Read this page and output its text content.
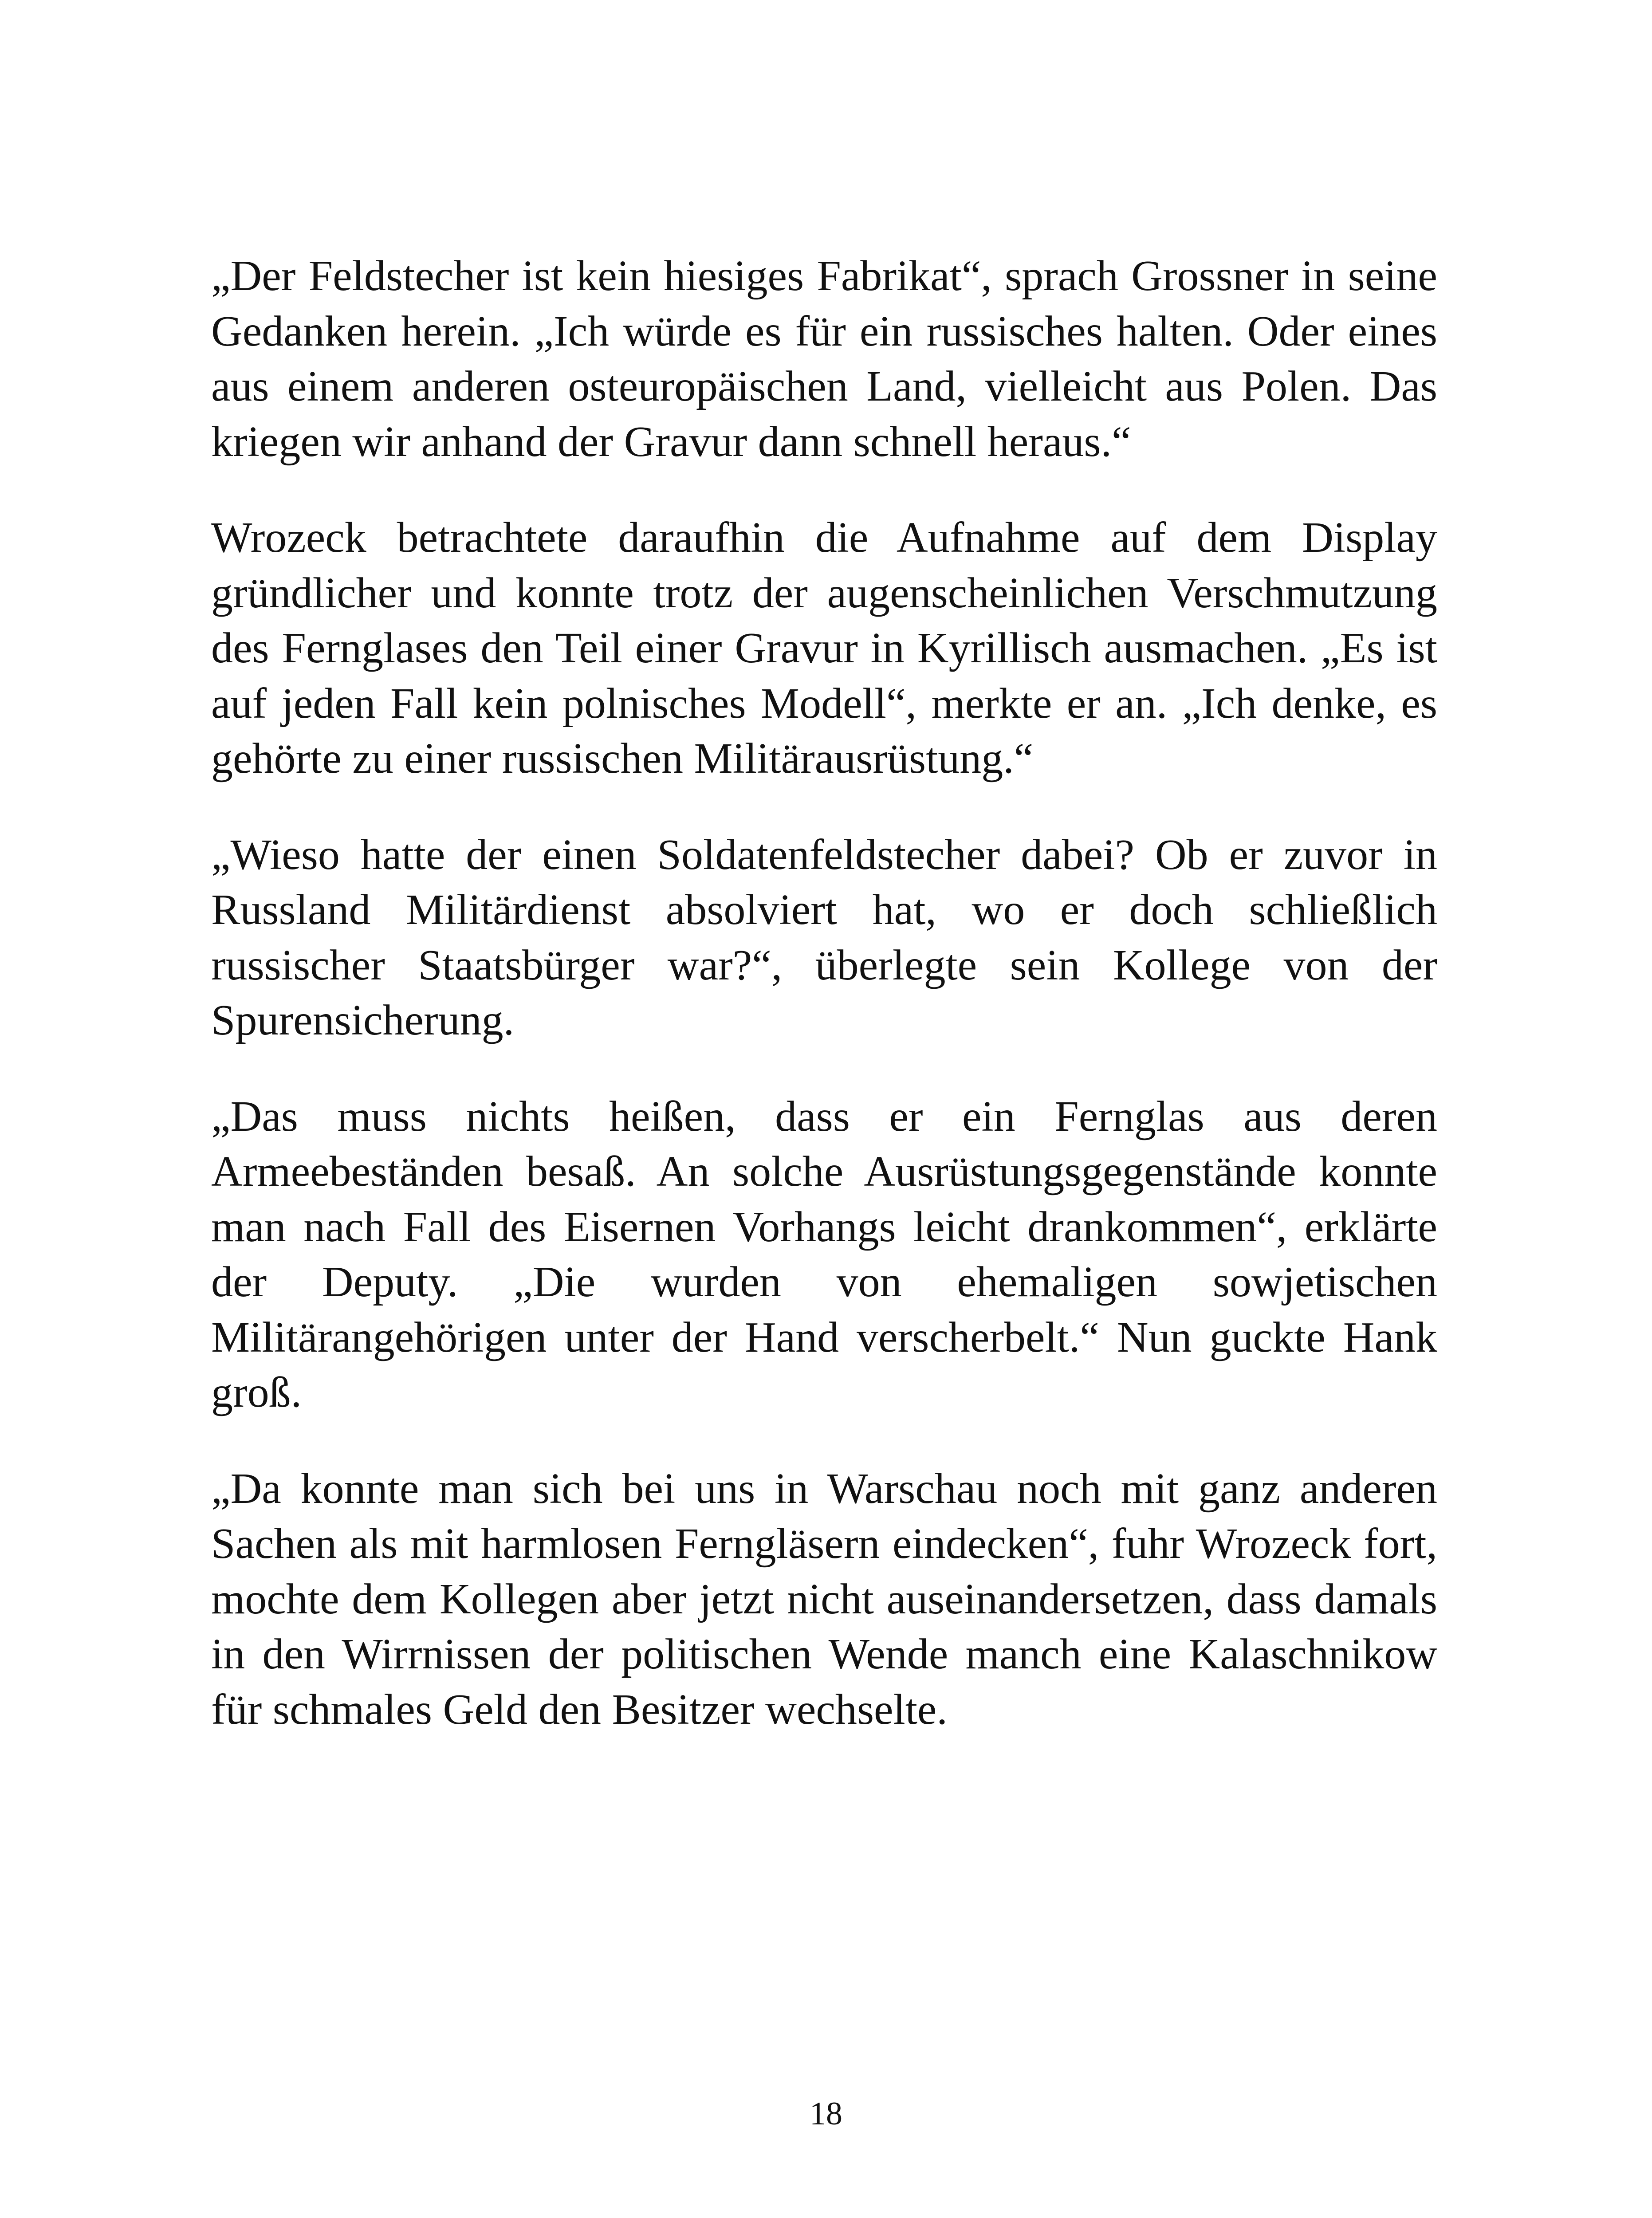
„Der Feldstecher ist kein hiesiges Fabrikat“, sprach Grossner in seine Gedanken herein. „Ich würde es für ein russisches halten. Oder eines aus einem anderen osteuropäischen Land, vielleicht aus Polen. Das kriegen wir anhand der Gravur dann schnell heraus.“

Wrozeck betrachtete daraufhin die Aufnahme auf dem Display gründlicher und konnte trotz der augenscheinlichen Verschmutzung des Fernglases den Teil einer Gravur in Kyrillisch ausmachen. „Es ist auf jeden Fall kein polnisches Modell“, merkte er an. „Ich denke, es gehörte zu einer russischen Militärausrüstung.“

„Wieso hatte der einen Soldatenfeldstecher dabei? Ob er zuvor in Russland Militärdienst absolviert hat, wo er doch schließlich russischer Staatsbürger war?“, überlegte sein Kollege von der Spurensicherung.

„Das muss nichts heißen, dass er ein Fernglas aus deren Armeebeständen besaß. An solche Ausrüstungsgegenstände konnte man nach Fall des Eisernen Vorhangs leicht drankommen“, erklärte der Deputy. „Die wurden von ehemaligen sowjetischen Militärangehörigen unter der Hand verscherbelt.“ Nun guckte Hank groß.

„Da konnte man sich bei uns in Warschau noch mit ganz anderen Sachen als mit harmlosen Ferngläsern eindecken“, fuhr Wrozeck fort, mochte dem Kollegen aber jetzt nicht auseinandersetzen, dass damals in den Wirrnissen der politischen Wende manch eine Kalaschnikow für schmales Geld den Besitzer wechselte.

18
